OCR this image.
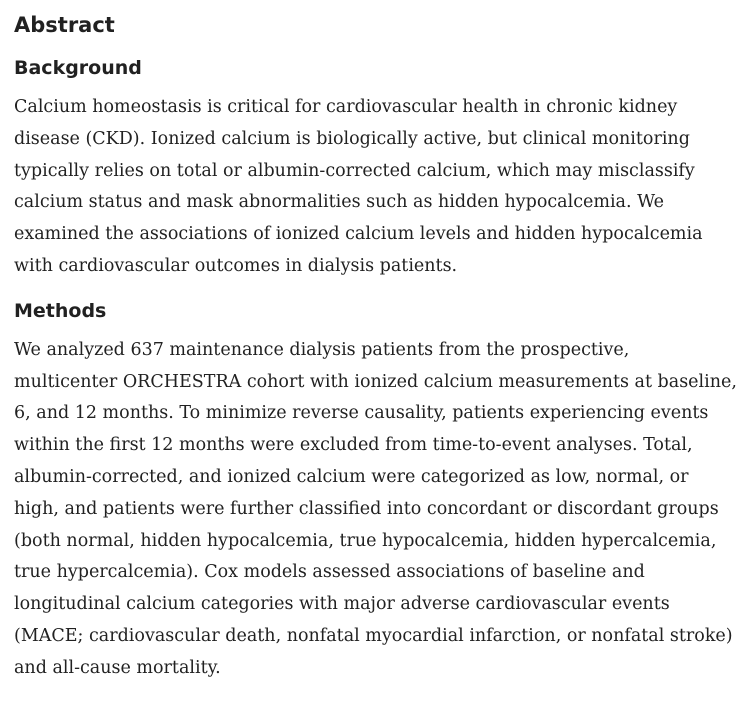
Abstract
Background

Calcium homeostasis is critical for cardiovascular health in chronic kidney disease (CKD). Ionized calcium is biologically active, but clinical monitoring typically relies on total or albumin-corrected calcium, which may misclassify calcium status and mask abnormalities such as hidden hypocalcemia. We examined the associations of ionized calcium levels and hidden hypocalcemia with cardiovascular outcomes in dialysis patients.

Methods

We analyzed 637 maintenance dialysis patients from the prospective, multicenter ORCHESTRA cohort with ionized calcium measurements at baseline, 6, and 12 months. To minimize reverse causality, patients experiencing events within the first 12 months were excluded from time-to-event analyses. Total, albumin-corrected, and ionized calcium were categorized as low, normal, or high, and patients were further classified into concordant or discordant groups (both normal, hidden hypocalcemia, true hypocalcemia, hidden hypercalcemia, true hypercalcemia). Cox models assessed associations of baseline and longitudinal calcium categories with major adverse cardiovascular events (MACE; cardiovascular death, nonfatal myocardial infarction, or nonfatal stroke) and all-cause mortality.
